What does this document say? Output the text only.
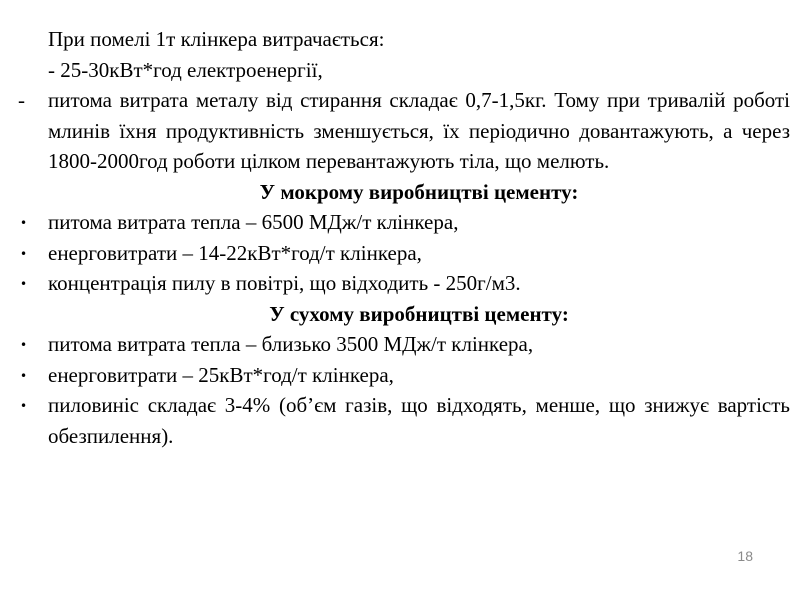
При помелі 1т клінкера витрачається:
- 25-30кВт*год електроенергії,
- питома витрата металу від стирання складає 0,7-1,5кг. Тому при тривалій роботі млинів їхня продуктивність зменшується, їх періодично довантажують, а через 1800-2000год роботи цілком перевантажують тіла, що мелють.
У мокрому виробництві цементу:
• питома витрата тепла – 6500 МДж/т клінкера,
• енерговитрати – 14-22кВт*год/т клінкера,
• концентрація пилу в повітрі, що відходить - 250г/м3.
У сухому виробництві цементу:
• питома витрата тепла – близько 3500 МДж/т клінкера,
• енерговитрати – 25кВт*год/т клінкера,
• пиловиніс складає 3-4% (об’єм газів, що відходять, менше, що знижує вартість обезпилення).
18
